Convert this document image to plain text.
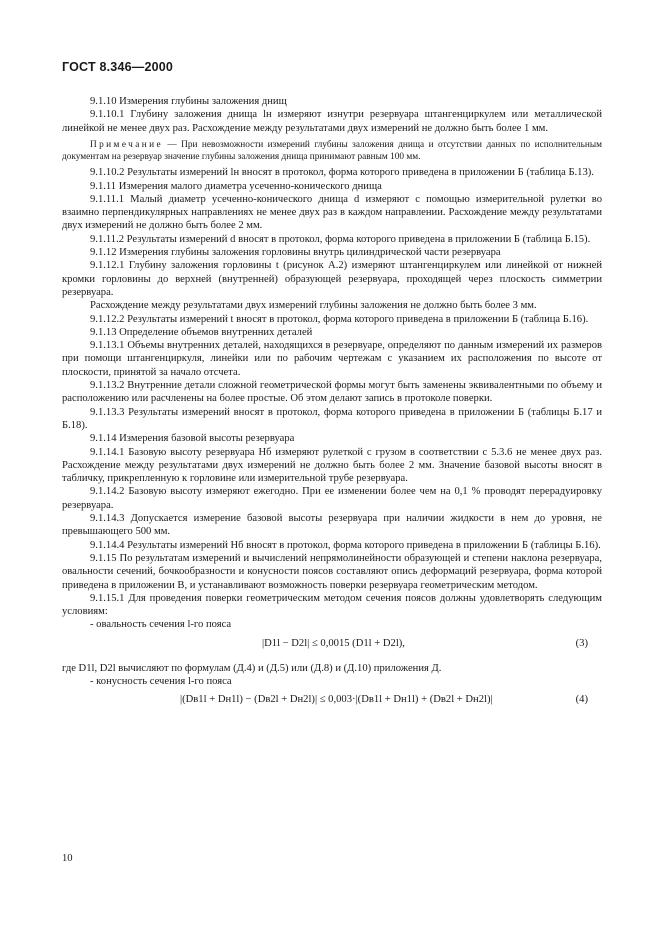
ГОСТ 8.346—2000

9.1.10 Измерения глубины заложения днищ

9.1.10.1 Глубину заложения днища lн измеряют изнутри резервуара штангенциркулем или металлической линейкой не менее двух раз. Расхождение между результатами двух измерений не должно быть более 1 мм.

Примечание — При невозможности измерений глубины заложения днища и отсутствии данных по исполнительным документам на резервуар значение глубины заложения днища принимают равным 100 мм.

9.1.10.2 Результаты измерений lн вносят в протокол, форма которого приведена в приложении Б (таблица Б.13).

9.1.11 Измерения малого диаметра усеченно-конического днища

9.1.11.1 Малый диаметр усеченно-конического днища d измеряют с помощью измерительной рулетки во взаимно перпендикулярных направлениях не менее двух раз в каждом направлении. Расхождение между результатами двух измерений не должно быть более 2 мм.

9.1.11.2 Результаты измерений d вносят в протокол, форма которого приведена в приложении Б (таблица Б.15).

9.1.12 Измерения глубины заложения горловины внутрь цилиндрической части резервуара

9.1.12.1 Глубину заложения горловины t (рисунок А.2) измеряют штангенциркулем или линейкой от нижней кромки горловины до верхней (внутренней) образующей резервуара, проходящей через плоскость симметрии резервуара.

Расхождение между результатами двух измерений глубины заложения не должно быть более 3 мм.

9.1.12.2 Результаты измерений t вносят в протокол, форма которого приведена в приложении Б (таблица Б.16).

9.1.13 Определение объемов внутренних деталей

9.1.13.1 Объемы внутренних деталей, находящихся в резервуаре, определяют по данным измерений их размеров при помощи штангенциркуля, линейки или по рабочим чертежам с указанием их расположения по высоте от плоскости, принятой за начало отсчета.

9.1.13.2 Внутренние детали сложной геометрической формы могут быть заменены эквивалентными по объему и расположению или расчленены на более простые. Об этом делают запись в протоколе поверки.

9.1.13.3 Результаты измерений вносят в протокол, форма которого приведена в приложении Б (таблицы Б.17 и Б.18).

9.1.14 Измерения базовой высоты резервуара

9.1.14.1 Базовую высоту резервуара Hб измеряют рулеткой с грузом в соответствии с 5.3.6 не менее двух раз. Расхождение между результатами двух измерений не должно быть более 2 мм. Значение базовой высоты вносят в табличку, прикрепленную к горловине или измерительной трубе резервуара.

9.1.14.2 Базовую высоту измеряют ежегодно. При ее изменении более чем на 0,1 % проводят перерадуировку резервуара.

9.1.14.3 Допускается измерение базовой высоты резервуара при наличии жидкости в нем до уровня, не превышающего 500 мм.

9.1.14.4 Результаты измерений Hб вносят в протокол, форма которого приведена в приложении Б (таблицы Б.16).

9.1.15 По результатам измерений и вычислений непрямолинейности образующей и степени наклона резервуара, овальности сечений, бочкообразности и конусности поясов составляют опись деформаций резервуара, форма которой приведена в приложении В, и устанавливают возможность поверки резервуара геометрическим методом.

9.1.15.1 Для проведения поверки геометрическим методом сечения поясов должны удовлетворять следующим условиям:

- овальность сечения l-го пояса

|D1l − D2l| ≤ 0,0015 (D1l + D2l),	(3)

где D1l, D2l вычисляют по формулам (Д.4) и (Д.5) или (Д.8) и (Д.10) приложения Д.

- конусность сечения l-го пояса

|(Dв1l + Dн1l) − (Dв2l + Dн2l)| ≤ 0,003·|(Dв1l + Dн1l) + (Dв2l + Dн2l)|	(4)
10
